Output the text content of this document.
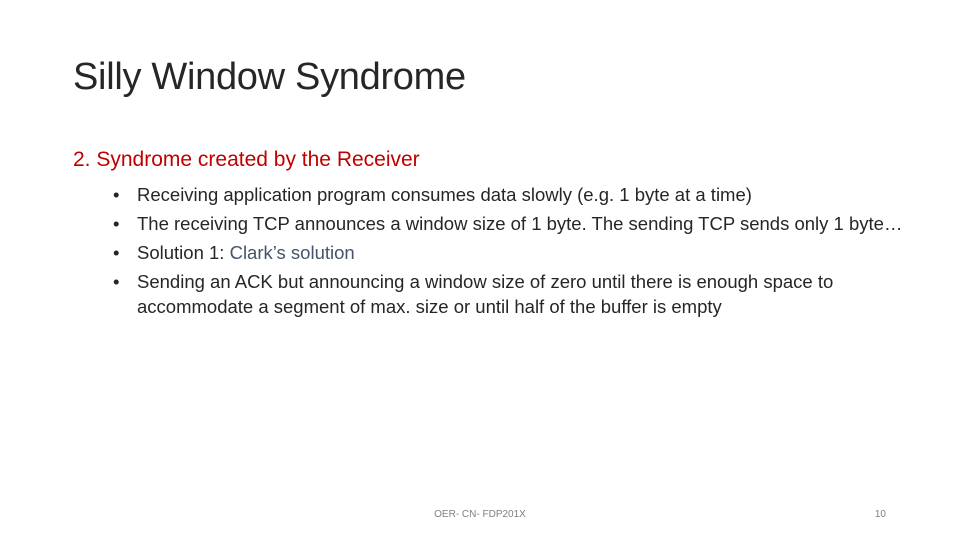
Silly Window Syndrome
2. Syndrome created by the Receiver
• Receiving application program consumes data slowly (e.g. 1 byte at a time)
• The receiving TCP announces a window size of 1 byte. The sending TCP sends only 1 byte…
• Solution 1: Clark’s solution
• Sending an ACK but announcing a window size of zero until there is enough space to accommodate a segment of max. size or until half of the buffer is empty
OER- CN- FDP201X	10
